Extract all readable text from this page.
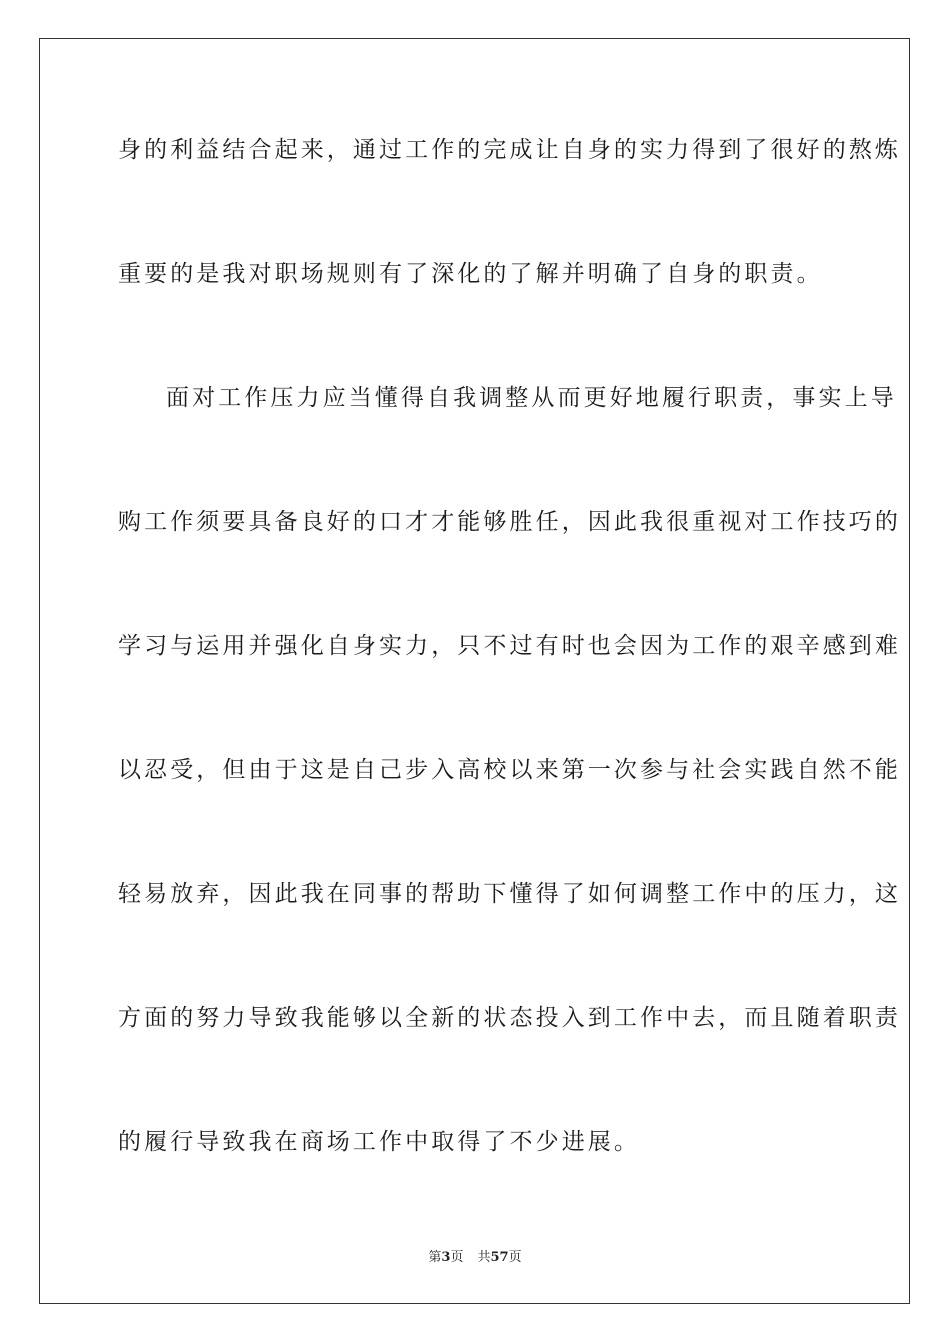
身的利益结合起来，通过工作的完成让自身的实力得到了很好的熬炼
重要的是我对职场规则有了深化的了解并明确了自身的职责。
面对工作压力应当懂得自我调整从而更好地履行职责，事实上导
购工作须要具备良好的口才才能够胜任，因此我很重视对工作技巧的
学习与运用并强化自身实力，只不过有时也会因为工作的艰辛感到难
以忍受，但由于这是自己步入高校以来第一次参与社会实践自然不能
轻易放弃，因此我在同事的帮助下懂得了如何调整工作中的压力，这
方面的努力导致我能够以全新的状态投入到工作中去，而且随着职责
的履行导致我在商场工作中取得了不少进展。
第3页 共57页
